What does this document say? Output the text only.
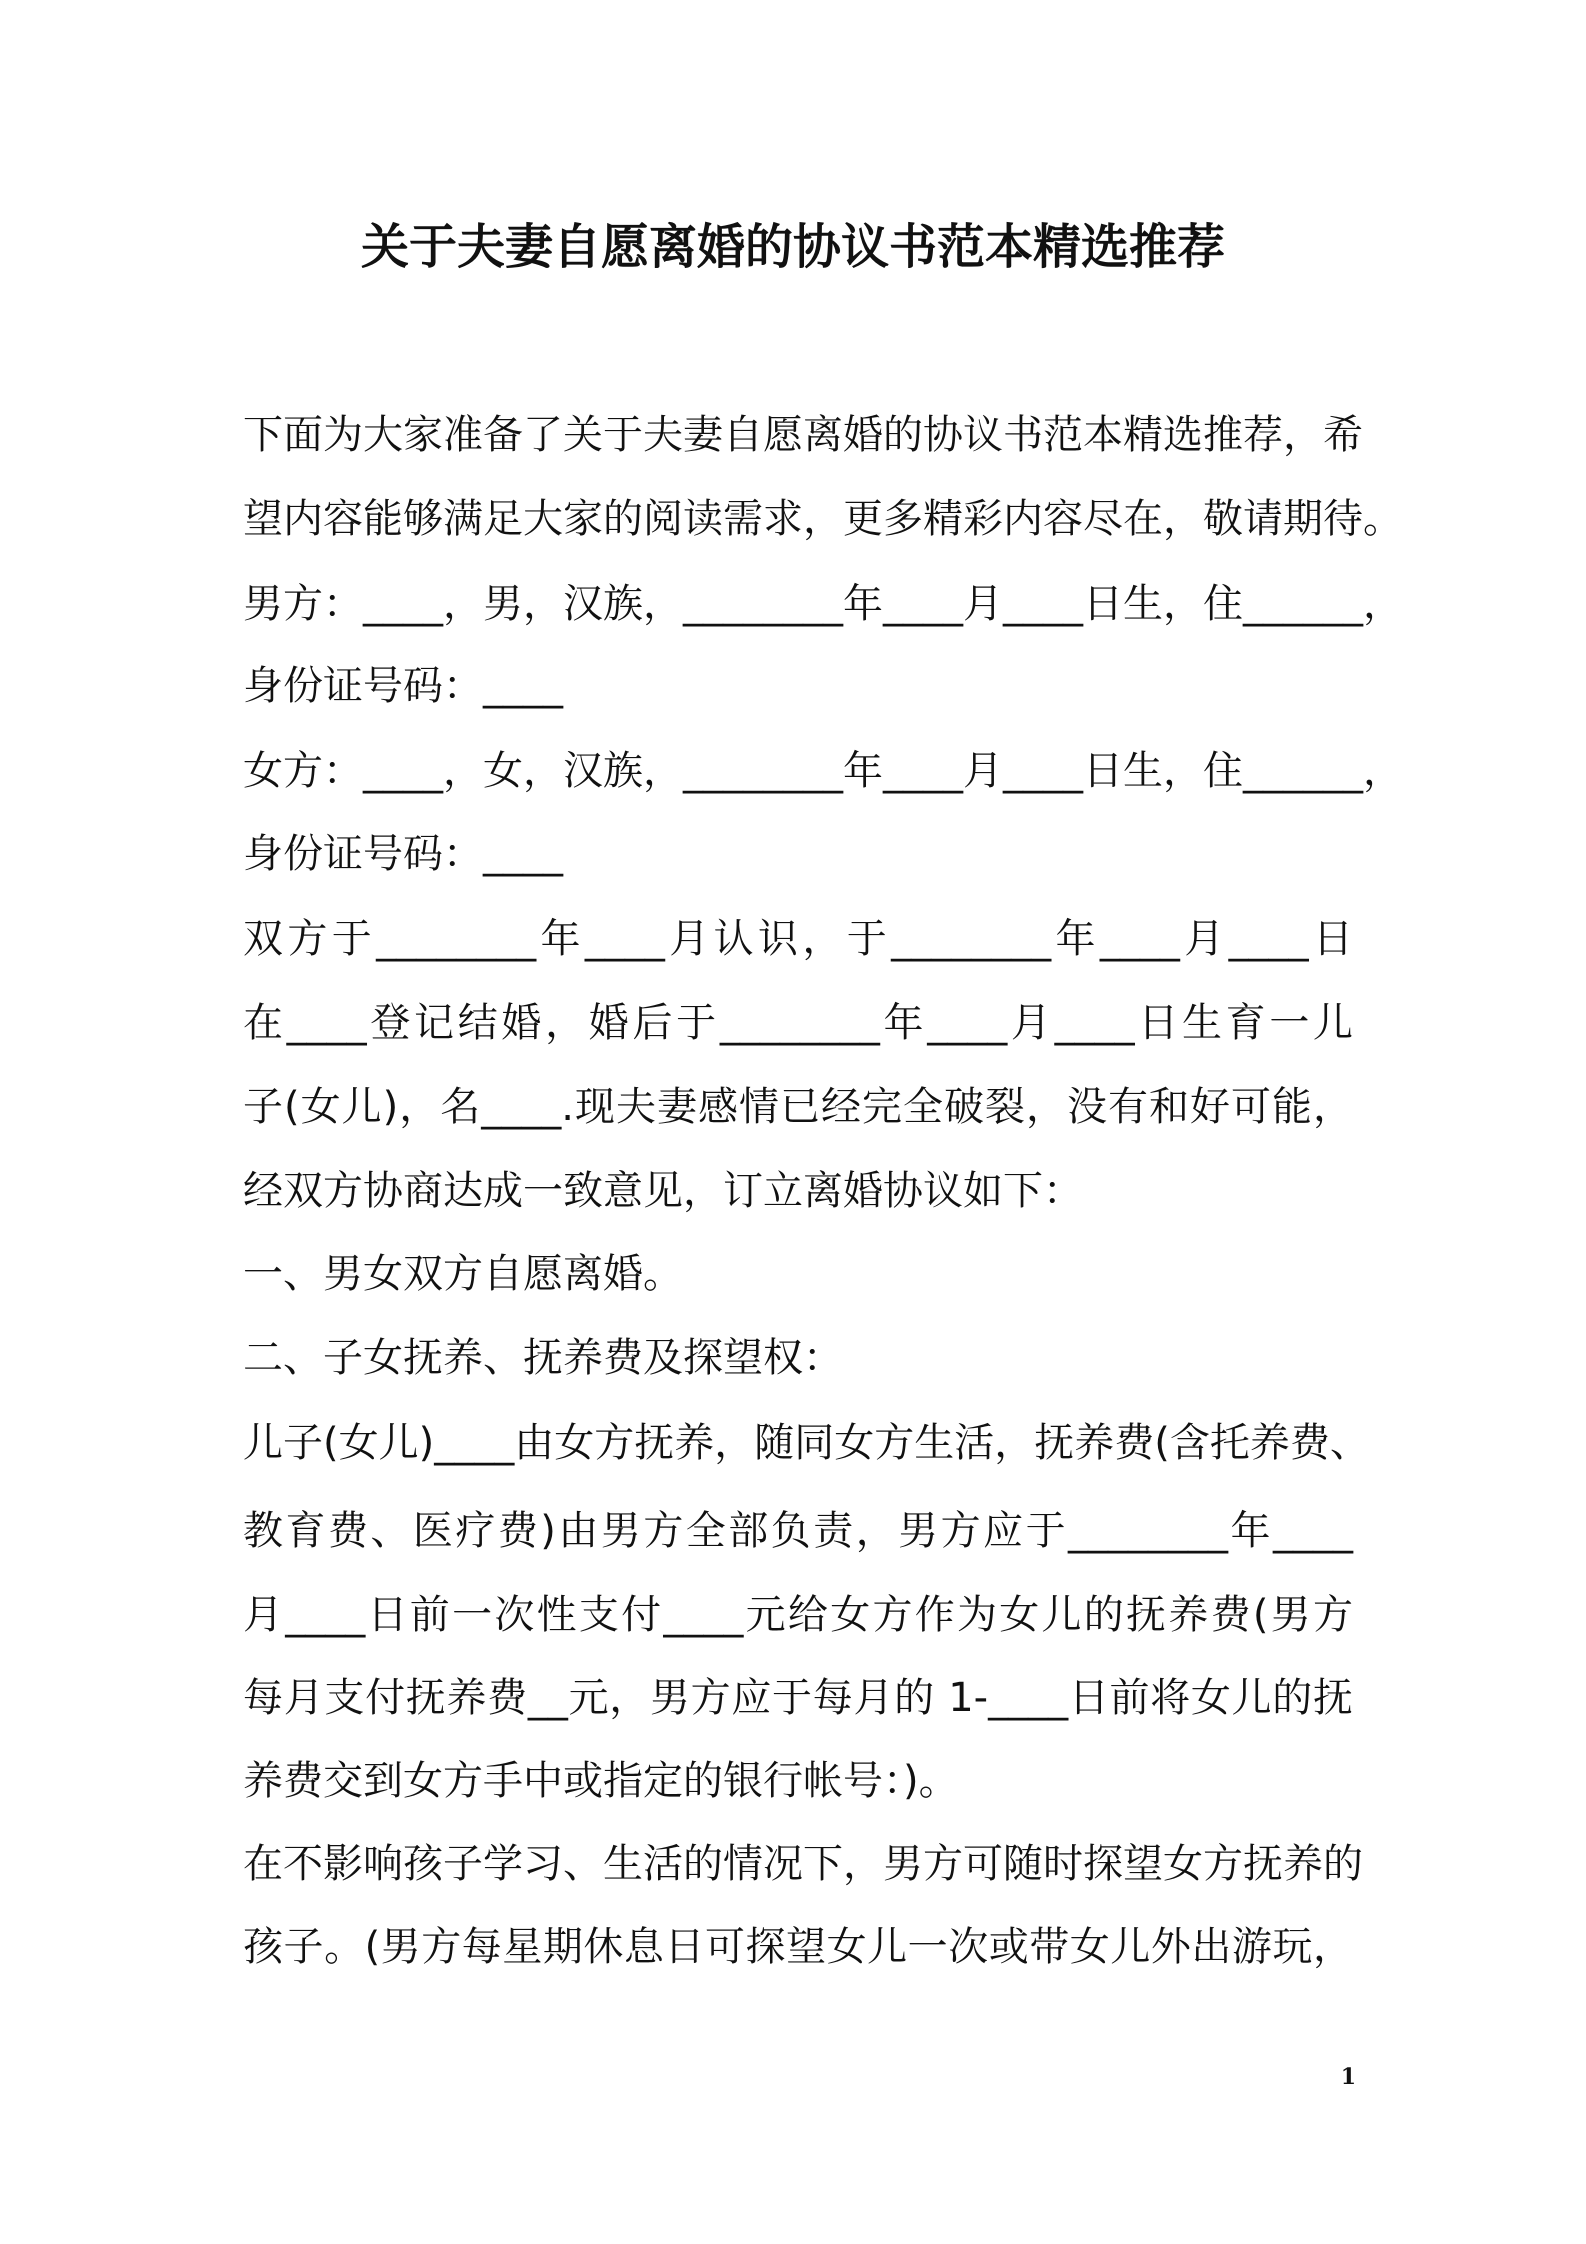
关于夫妻自愿离婚的协议书范本精选推荐
下面为大家准备了关于夫妻自愿离婚的协议书范本精选推荐，希
望内容能够满足大家的阅读需求，更多精彩内容尽在，敬请期待。
男方：____，男，汉族，________年____月____日生，住______，
身份证号码：____
女方：____，女，汉族，________年____月____日生，住______，
身份证号码：____
双方于________年____月认识，于________年____月____日
在____登记结婚，婚后于________年____月____日生育一儿
子(女儿)，名____.现夫妻感情已经完全破裂，没有和好可能，
经双方协商达成一致意见，订立离婚协议如下：
一、男女双方自愿离婚。
二、子女抚养、抚养费及探望权：
儿子(女儿)____由女方抚养，随同女方生活，抚养费(含托养费、
教育费、医疗费)由男方全部负责，男方应于________年____
月____日前一次性支付____元给女方作为女儿的抚养费(男方
每月支付抚养费__元，男方应于每月的 1-____日前将女儿的抚
养费交到女方手中或指定的银行帐号：)。
在不影响孩子学习、生活的情况下，男方可随时探望女方抚养的
孩子。(男方每星期休息日可探望女儿一次或带女儿外出游玩，
1
